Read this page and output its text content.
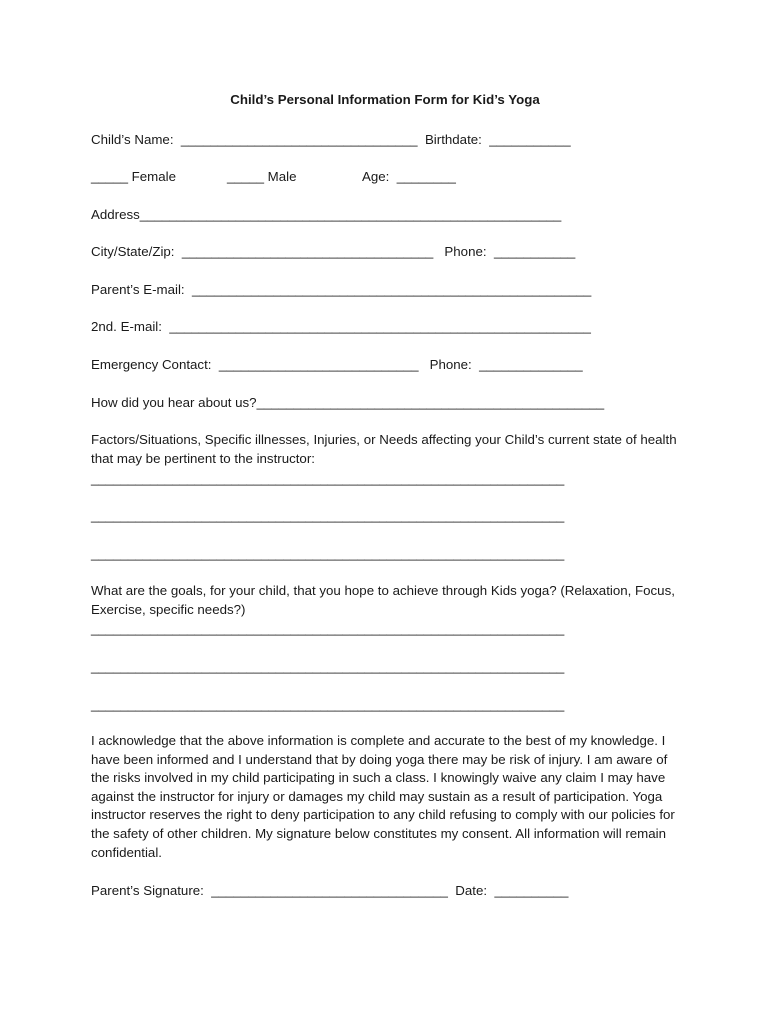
Child’s Personal Information Form for Kid’s Yoga
Child’s Name:  ________________________________  Birthdate:  ___________
_____ Female	_____ Male	Age:  ________
Address_________________________________________________________
City/State/Zip:  __________________________________   Phone:  ___________
Parent’s E-mail:  ______________________________________________________
2nd. E-mail:  _________________________________________________________
Emergency Contact:  ___________________________   Phone:  ______________
How did you hear about us?_______________________________________________
Factors/Situations, Specific illnesses, Injuries, or Needs affecting your Child’s current state of health that may be pertinent to the instructor:
________________________________________________________________
________________________________________________________________
________________________________________________________________
What are the goals, for your child, that you hope to achieve through Kids yoga? (Relaxation, Focus, Exercise, specific needs?)
________________________________________________________________
________________________________________________________________
________________________________________________________________
I acknowledge that the above information is complete and accurate to the best of my knowledge. I have been informed and I understand that by doing yoga there may be risk of injury. I am aware of the risks involved in my child participating in such a class. I knowingly waive any claim I may have against the instructor for injury or damages my child may sustain as a result of participation. Yoga instructor reserves the right to deny participation to any child refusing to comply with our policies for the safety of other children. My signature below constitutes my consent. All information will remain confidential.
Parent’s Signature:  ________________________________  Date:  __________
